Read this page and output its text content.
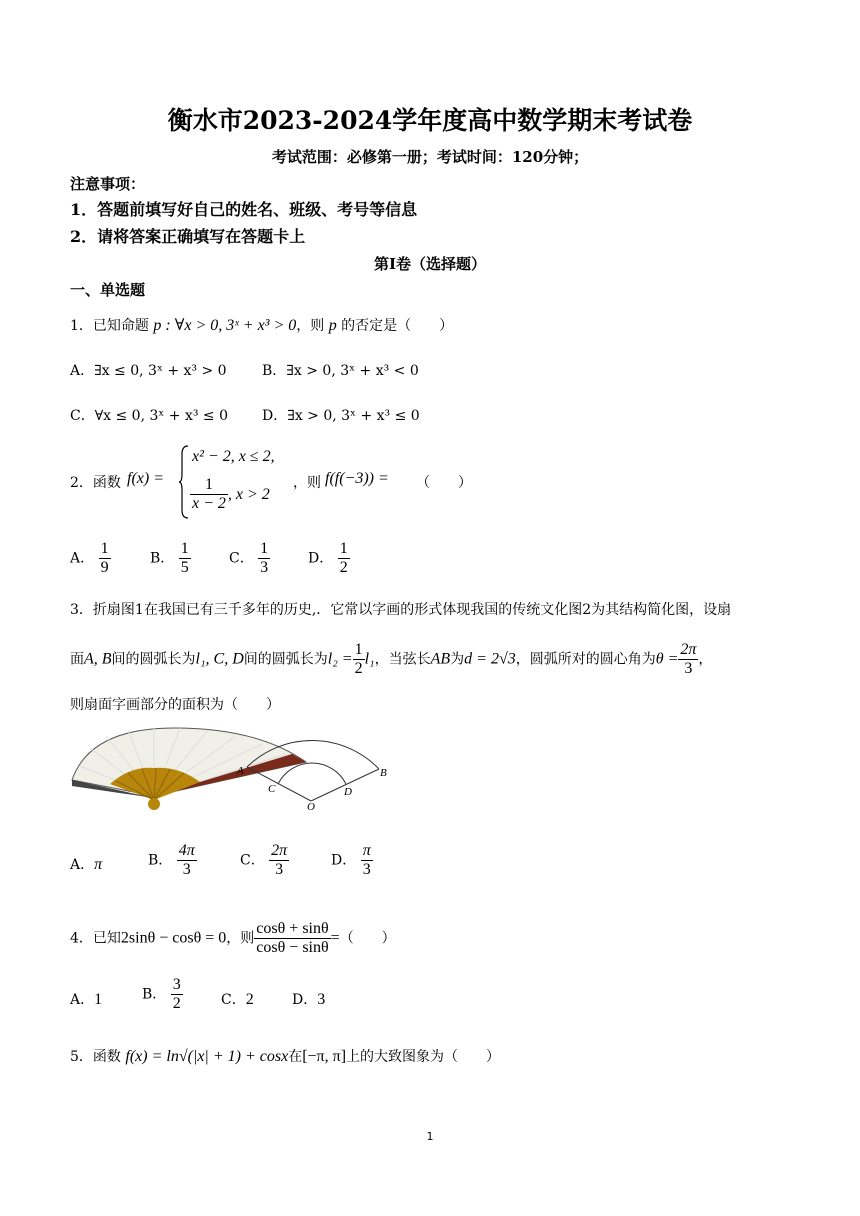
衡水市2023-2024学年度高中数学期末考试卷
考试范围：必修第一册；考试时间：120分钟；
注意事项：
1．答题前填写好自己的姓名、班级、考号等信息
2．请将答案正确填写在答题卡上
第Ⅰ卷（选择题）
一、单选题
1．已知命题 p : ∀x > 0, 3ˣ + x³ > 0，则 p 的否定是（　　）
A．∃x ≤ 0, 3ˣ + x³ > 0	B．∃x > 0, 3ˣ + x³ < 0
C．∀x ≤ 0, 3ˣ + x³ ≤ 0 D．∃x > 0, 3ˣ + x³ ≤ 0
2．函数 f(x) =
x² − 2, x ≤ 2,
$\frac{1}{x - 2}$ , x > 2
，则 f(f(−3)) = （　　）
A． $\frac{1}{9}$	B． $\frac{1}{5}$	C． $\frac{1}{3}$	D． $\frac{1}{2}$
3．折扇图1在我国已有三千多年的历史,．它常以字画的形式体现我国的传统文化图2为其结构简化图，设扇
面A, B间的圆弧长为l₁, C, D间的圆弧长为$l_2 = \frac{1}{2} l_1$，当弦长AB为d = 2√3，圆弧所对的圆心角为$\theta = \frac{2\pi}{3}$ ，
则扇面字画部分的面积为（　　）
A	B
C	D
O
A．π	B． $\frac{4\pi}{3}$	C． $\frac{2\pi}{3}$	D． $\frac{\pi}{3}$
4．已知2sinθ − cosθ = 0，则 $\frac{\cos\theta + \sin\theta}{\cos\theta - \sin\theta}$ =（　　）
A．1	B． $\frac{3}{2}$	C．2	D．3
5．函数 f(x) = ln√(|x| + 1) + cosx在[−π, π]上的大致图象为（　　）
1
